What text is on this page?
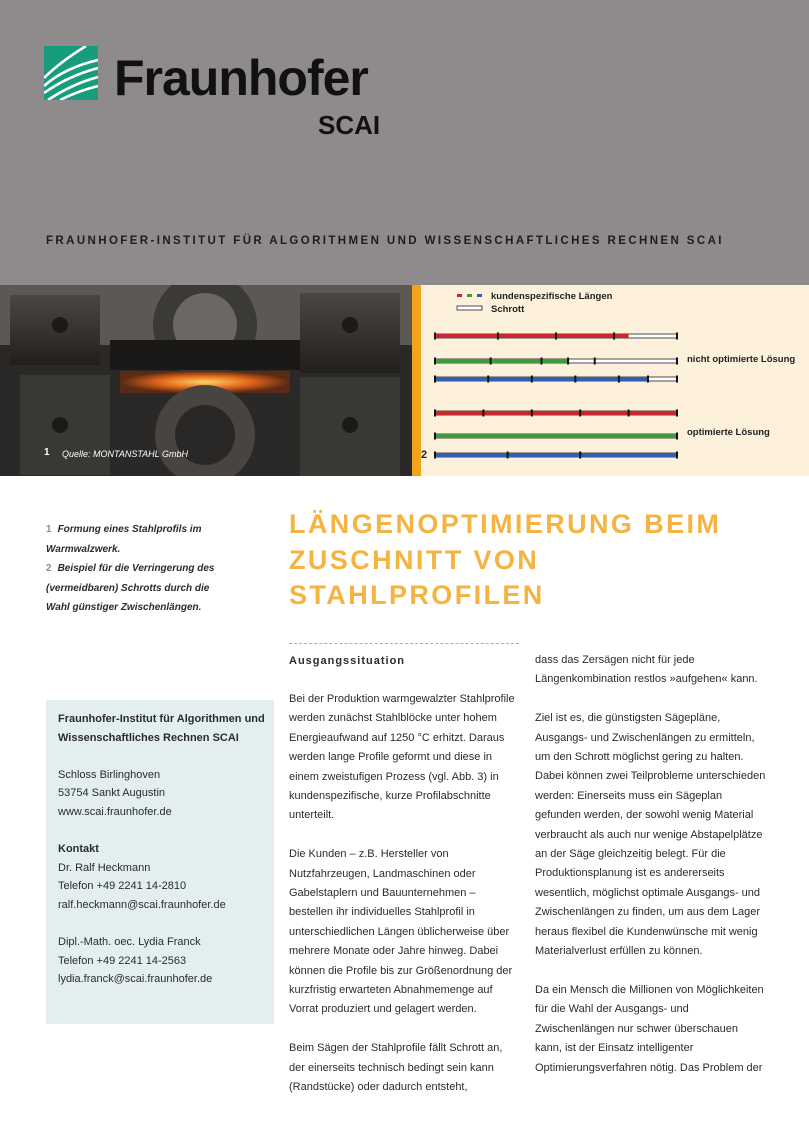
Fraunhofer
SCAI
FRAUNHOFER-INSTITUT FÜR ALGORITHMEN UND WISSENSCHAFTLICHES RECHNEN SCAI
1 Quelle: MONTANSTAHL GmbH
kundenspezifische Längen
Schrott
nicht optimierte Lösung
optimierte Lösung
2
1 Formung eines Stahlprofils im Warmwalzwerk.
2 Beispiel für die Verringerung des (vermeidbaren) Schrotts durch die Wahl günstiger Zwischenlängen.
LÄNGENOPTIMIERUNG BEIM ZUSCHNITT VON STAHLPROFILEN
Ausgangssituation

Bei der Produktion warmgewalzter Stahlprofile werden zunächst Stahlblöcke unter hohem Energieaufwand auf 1250 °C erhitzt. Daraus werden lange Profile geformt und diese in einem zweistufigen Prozess (vgl. Abb. 3) in kundenspezifische, kurze Profilabschnitte unterteilt.

Die Kunden – z.B. Hersteller von Nutzfahrzeugen, Landmaschinen oder Gabelstaplern und Bauunternehmen – bestellen ihr individuelles Stahlprofil in unterschiedlichen Längen üblicherweise über mehrere Monate oder Jahre hinweg. Dabei können die Profile bis zur Größenordnung der kurzfristig erwarteten Abnahmemenge auf Vorrat produziert und gelagert werden.

Beim Sägen der Stahlprofile fällt Schrott an, der einerseits technisch bedingt sein kann (Randstücke) oder dadurch entsteht,

dass das Zersägen nicht für jede Längenkombination restlos »aufgehen« kann.

Ziel ist es, die günstigsten Sägepläne, Ausgangs- und Zwischenlängen zu ermitteln, um den Schrott möglichst gering zu halten. Dabei können zwei Teilprobleme unterschieden werden: Einerseits muss ein Sägeplan gefunden werden, der sowohl wenig Material verbraucht als auch nur wenige Abstapelplätze an der Säge gleichzeitig belegt. Für die Produktionsplanung ist es andererseits wesentlich, möglichst optimale Ausgangs- und Zwischenlängen zu finden, um aus dem Lager heraus flexibel die Kundenwünsche mit wenig Materialverlust erfüllen zu können.

Da ein Mensch die Millionen von Möglichkeiten für die Wahl der Ausgangs- und Zwischenlängen nur schwer überschauen kann, ist der Einsatz intelligenter Optimierungsverfahren nötig. Das Problem der

Fraunhofer-Institut für Algorithmen und Wissenschaftliches Rechnen SCAI
Schloss Birlinghoven
53754 Sankt Augustin
www.scai.fraunhofer.de
Kontakt
Dr. Ralf Heckmann
Telefon +49 2241 14-2810
ralf.heckmann@scai.fraunhofer.de
Dipl.-Math. oec. Lydia Franck
Telefon +49 2241 14-2563
lydia.franck@scai.fraunhofer.de
